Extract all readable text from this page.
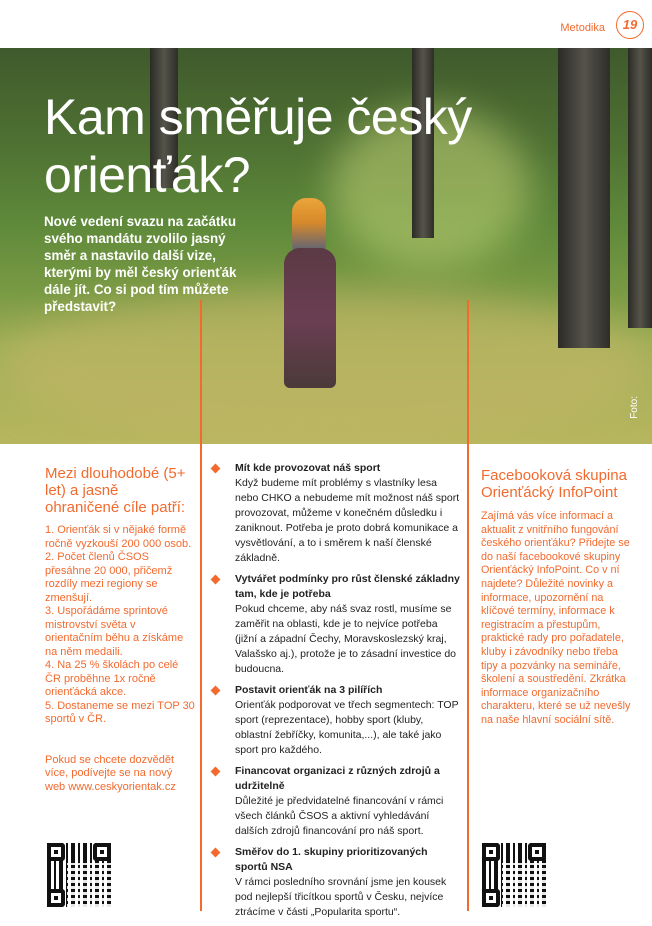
Metodika	19
Foto:
Kam směřuje český orienťák?

Nové vedení svazu na začátku svého mandátu zvolilo jasný směr a nastavilo další vize, kterými by měl český orienťák dále jít. Co si pod tím můžete představit?

Mezi dlouhodobé (5+ let) a jasně ohraničené cíle patří:

1. Orienťák si v nějaké formě ročně vyzkouší 200 000 osob.

2. Počet členů ČSOS přesáhne 20 000, přičemž rozdíly mezi regiony se zmenšují.

3. Uspořádáme sprintové mistrovství světa v orientačním běhu a získáme na něm medaili.

4. Na 25 % školách po celé ČR proběhne 1x ročně orienťácká akce.

5. Dostaneme se mezi TOP 30 sportů v ČR.

Pokud se chcete dozvědět více, podívejte se na nový web www.ceskyorientak.cz

Mít kde provozovat náš sport
Když budeme mít problémy s vlastníky lesa nebo CHKO a nebudeme mít možnost náš sport provozovat, můžeme v konečném důsledku i zaniknout. Potřeba je proto dobrá komunikace a vysvětlování, a to i směrem k naší členské základně.
Vytvářet podmínky pro růst členské základny tam, kde je potřeba
Pokud chceme, aby náš svaz rostl, musíme se zaměřit na oblasti, kde je to nejvíce potřeba (jižní a západní Čechy, Moravskoslezský kraj, Valašsko aj.), protože je to zásadní investice do budoucna.
Postavit orienťák na 3 pilířích
Orienťák podporovat ve třech segmentech: TOP sport (reprezentace), hobby sport (kluby, oblastní žebříčky, komunita,...), ale také jako sport pro každého.
Financovat organizaci z různých zdrojů a udržitelně
Důležité je předvidatelné financování v rámci všech článků ČSOS a aktivní vyhledávání dalších zdrojů financování pro náš sport.
Směřov do 1. skupiny prioritizovaných sportů NSA
V rámci posledního srovnání jsme jen kousek pod nejlepší třicítkou sportů v Česku, nejvíce ztrácíme v části „Popularita sportu“.
Facebooková skupina Orienťácký InfoPoint

Zajímá vás více informací a aktualit z vnitřního fungování českého orienťáku? Přidejte se do naší facebookové skupiny Orienťácký InfoPoint. Co v ní najdete? Důležité novinky a informace, upozornění na klíčové termíny, informace k registracím a přestupům, praktické rady pro pořadatele, kluby i závodníky nebo třeba tipy a pozvánky na semináře, školení a soustředění. Zkrátka informace organizačního charakteru, které se už nevešly na naše hlavní sociální sítě.
